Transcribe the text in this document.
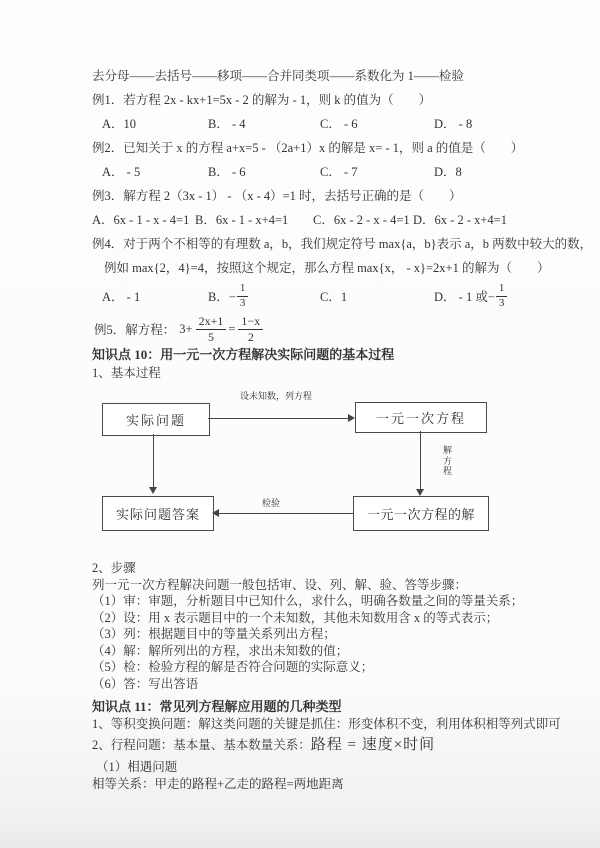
去分母——去括号——移项——合并同类项——系数化为 1——检验
例1．若方程 2x - kx+1=5x - 2 的解为 - 1，则 k 的值为（　　）
A．10	B． - 4	C． - 6	D． - 8
例2．已知关于 x 的方程 a+x=5 - （2a+1）x 的解是 x= - 1，则 a 的值是（　　）
A． - 5	B． - 6	C． - 7	D．8
例3．解方程 2（3x - 1） - （x - 4）=1 时，去括号正确的是（　　）
A．6x - 1 - x - 4=1 B．6x - 1 - x+4=1	C．6x - 2 - x - 4=1 D．6x - 2 - x+4=1
例4．对于两个不相等的有理数 a，b，我们规定符号 max{a，b}表示 a，b 两数中较大的数，
例如 max{2，4}=4，按照这个规定，那么方程 max{x， - x}=2x+1 的解为（　　）
A． - 1	B．− $\frac{1}{3}$	C．1	D． - 1 或− $\frac{1}{3}$
例5．解方程： $3+ \frac{2x+1}{5} = \frac{1-x}{2}$
知识点 10：用一元一次方程解决实际问题的基本过程
1、基本过程
实际问题	一元一次方程
一元一次方程的解
实际问题答案
设未知数，列方程
解方程
检验
2、步骤
列一元一次方程解决问题一般包括审、设、列、解、验、答等步骤：
（1）审：审题，分析题目中已知什么，求什么，明确各数量之间的等量关系；
（2）设：用 x 表示题目中的一个未知数，其他未知数用含 x 的等式表示；
（3）列：根据题目中的等量关系列出方程；
（4）解：解所列出的方程，求出未知数的值；
（5）检：检验方程的解是否符合问题的实际意义；
（6）答：写出答语
知识点 11：常见列方程解应用题的几种类型
1、等积变换问题：解这类问题的关键是抓住：形变体积不变，利用体积相等列式即可
2、行程问题：基本量、基本数量关系： 路程 = 速度×时间
（1）相遇问题
相等关系：甲走的路程+乙走的路程=两地距离
